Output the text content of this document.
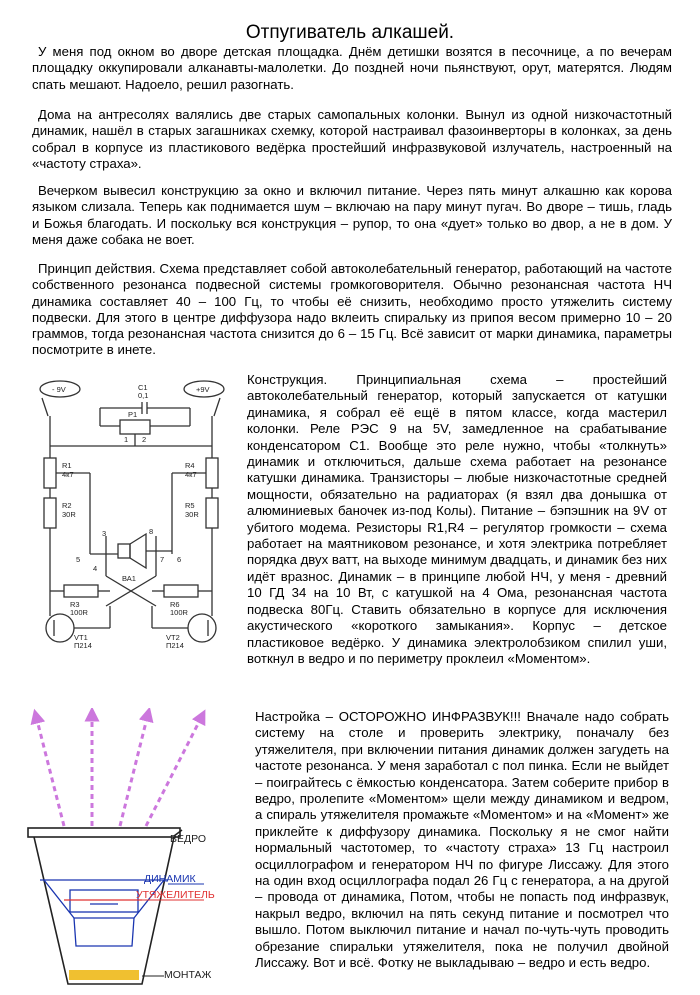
Отпугиватель алкашей.
У меня под окном во дворе детская площадка. Днём детишки возятся в песочнице, а по вечерам площадку оккупировали алканавты-малолетки. До поздней ночи пьянствуют, орут, матерятся. Людям спать мешают. Надоело, решил разогнать.
Дома на антресолях валялись две старых самопальных колонки. Вынул из одной низкочастотный динамик, нашёл в старых загашниках схемку, которой настраивал фазоинверторы в колонках, за день собрал в корпусе из пластикового ведёрка простейший инфразвуковой излучатель, настроенный на «частоту страха».
Вечерком вывесил конструкцию за окно и включил питание. Через пять минут алкашню как корова языком слизала. Теперь как поднимается шум – включаю на пару минут пугач. Во дворе – тишь, гладь и Божья благодать. И поскольку вся конструкция – рупор, то она «дует» только во двор, а не в дом. У меня даже собака не воет.
Принцип действия. Схема представляет собой автоколебательный генератор, работающий на частоте собственного резонанса подвесной системы громкоговорителя. Обычно резонансная частота НЧ динамика составляет 40 – 100 Гц, то чтобы её снизить, необходимо просто утяжелить систему подвески. Для этого в центре диффузора надо вклеить спиральку из припоя весом примерно 10 – 20 граммов, тогда резонансная частота снизится до 6 – 15 Гц. Всё зависит от марки динамика, параметры посмотрите в инете.
- 9V	+9V
C1
0,1
P1
R1
4к7
R2
30R
R3
100R
R4
4к7
R5
30R
R6
100R
ВА1
VT1
П214
VT2
П214
1 2
3
4
5	6
7
8
Конструкция. Принципиальная схема – простейший автоколебательный генератор, который запускается от катушки динамика, я собрал её ещё в пятом классе, когда мастерил колонки. Реле РЭС 9 на 5V, замедленное на срабатывание конденсатором С1. Вообще это реле нужно, чтобы «толкнуть» динамик и отключиться, дальше схема работает на резонансе катушки динамика. Транзисторы – любые низкочастотные средней мощности, обязательно на радиаторах (я взял два донышка от алюминиевых баночек из-под Колы). Питание – бэпэшник на 9V от убитого модема. Резисторы R1,R4 – регулятор громкости – схема работает на маятниковом резонансе, и хотя электрика потребляет порядка двух ватт, на выходе минимум двадцать, и динамик без них идёт вразнос. Динамик – в принципе любой НЧ, у меня - древний 10 ГД 34 на 10 Вт, с катушкой на 4 Ома, резонансная частота подвеска 80Гц. Ставить обязательно в корпусе для исключения акустического «короткого замыкания». Корпус – детское пластиковое ведёрко. У динамика электролобзиком спилил уши, воткнул в ведро и по периметру проклеил «Моментом».
ВЕДРО
ДИНАМИК
УТЯЖЕЛИТЕЛЬ
МОНТАЖ
Настройка – ОСТОРОЖНО ИНФРАЗВУК!!! Вначале надо собрать систему на столе и проверить электрику, поначалу без утяжелителя, при включении питания динамик должен загудеть на частоте резонанса. У меня заработал с пол пинка. Если не выйдет – поиграйтесь с ёмкостью конденсатора. Затем соберите прибор в ведро, пролепите «Моментом» щели между динамиком и ведром, а спираль утяжелителя промажьте «Моментом» и на «Момент» же приклейте к диффузору динамика. Поскольку я не смог найти нормальный частотомер, то «частоту страха» 13 Гц настроил осциллографом и генератором НЧ по фигуре Лиссажу. Для этого на один вход осциллографа подал 26 Гц с генератора, а на другой – провода от динамика, Потом, чтобы не попасть под инфразвук, накрыл ведро, включил на пять секунд питание и посмотрел что вышло. Потом выключил питание и начал по-чуть-чуть проводить обрезание спиральки утяжелителя, пока не получил двойной Лиссажу. Вот и всё. Фотку не выкладываю – ведро и есть ведро.
